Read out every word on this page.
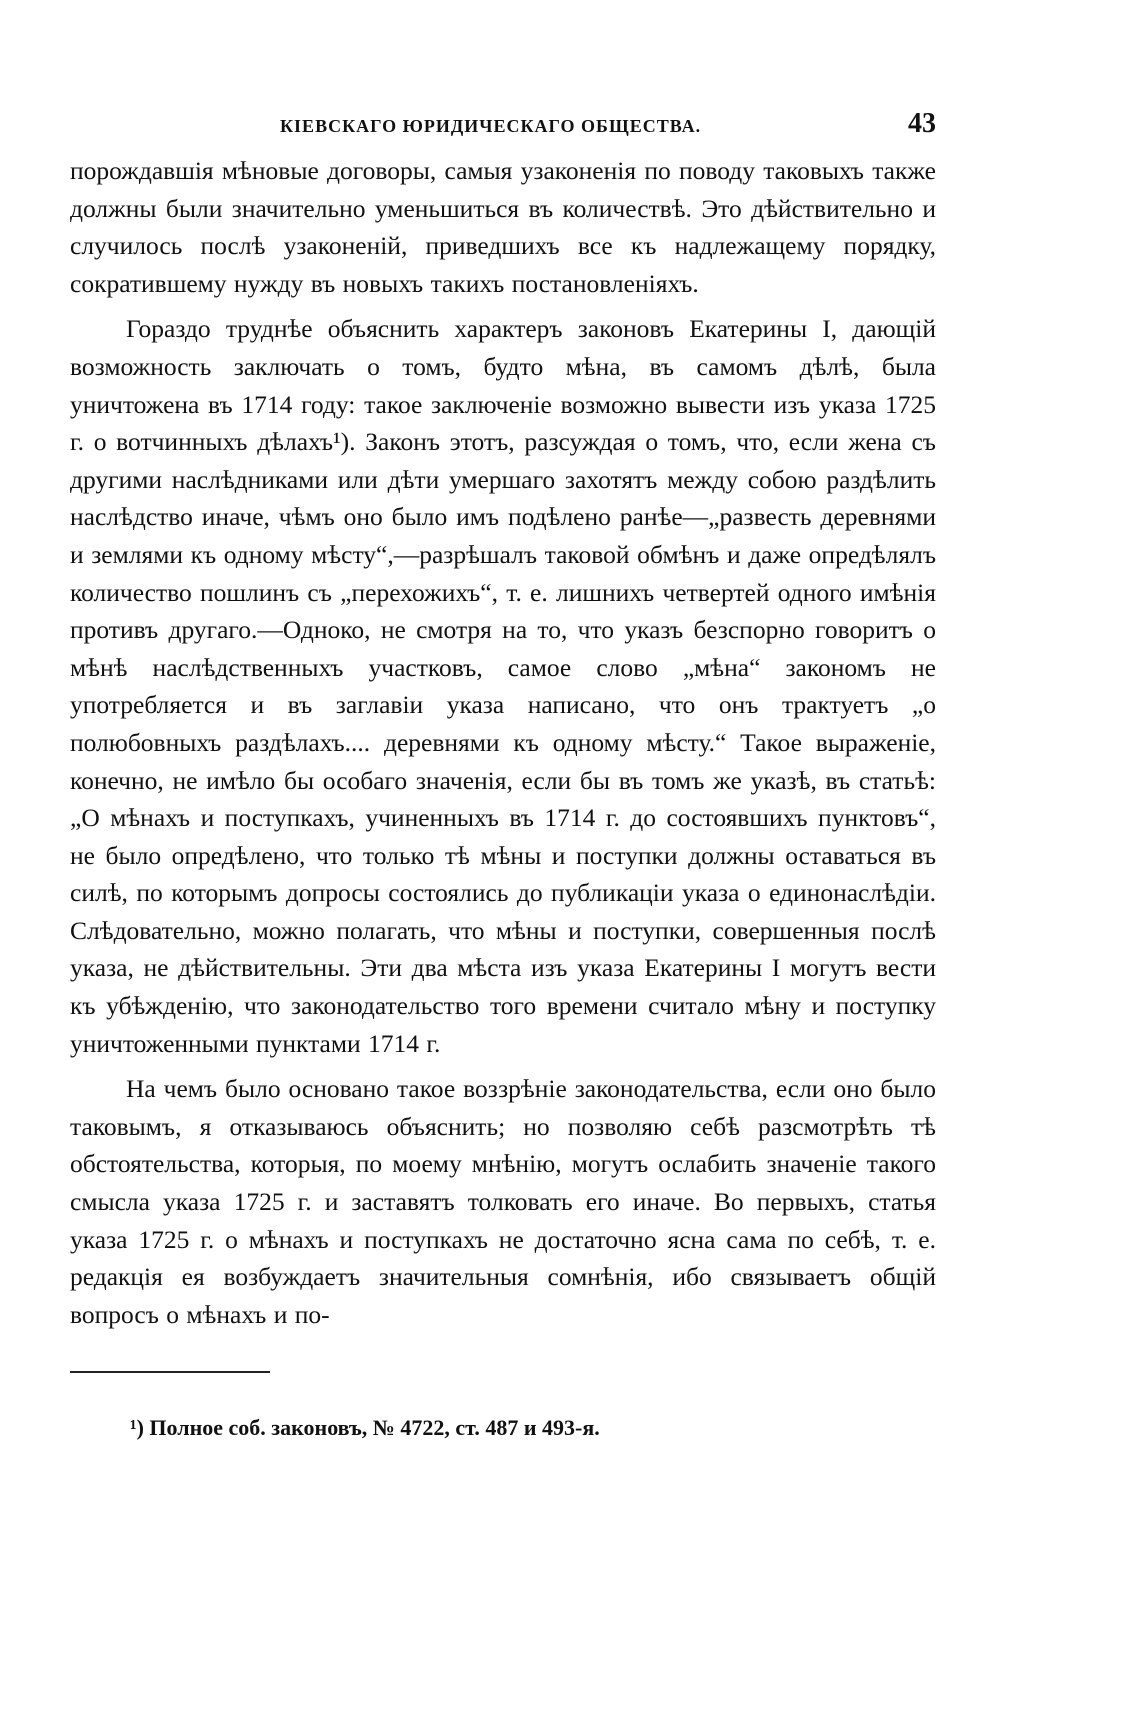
КІЕВСКАГО ЮРИДИЧЕСКАГО ОБЩЕСТВА.	43

порождавшія мѣновые договоры, самыя узаконенія по поводу таковыхъ также должны были значительно уменьшиться въ количествѣ. Это дѣйствительно и случилось послѣ узаконеній, приведшихъ все къ надлежащему порядку, сократившему нужду въ новыхъ такихъ постановленіяхъ.

Гораздо труднѣе объяснить характеръ законовъ Екатерины I, дающій возможность заключать о томъ, будто мѣна, въ самомъ дѣлѣ, была уничтожена въ 1714 году: такое заключеніе возможно вывести изъ указа 1725 г. о вотчинныхъ дѣлахъ¹). Законъ этотъ, разсуждая о томъ, что, если жена съ другими наслѣдниками или дѣти умершаго захотятъ между собою раздѣлить наслѣдство иначе, чѣмъ оно было имъ подѣлено ранѣе—„развесть деревнями и землями къ одному мѣсту“,—разрѣшалъ таковой обмѣнъ и даже опредѣлялъ количество пошлинъ съ „перехожихъ“, т. е. лишнихъ четвертей одного имѣнія противъ другаго.—Одноко, не смотря на то, что указъ безспорно говоритъ о мѣнѣ наслѣдственныхъ участковъ, самое слово „мѣна“ закономъ не употребляется и въ заглавіи указа написано, что онъ трактуетъ „о полюбовныхъ раздѣлахъ.... деревнями къ одному мѣсту.“ Такое выраженіе, конечно, не имѣло бы особаго значенія, если бы въ томъ же указѣ, въ статьѣ: „О мѣнахъ и поступкахъ, учиненныхъ въ 1714 г. до состоявшихъ пунктовъ“, не было опредѣлено, что только тѣ мѣны и поступки должны оставаться въ силѣ, по которымъ допросы состоялись до публикаціи указа о единонаслѣдіи. Слѣдовательно, можно полагать, что мѣны и поступки, совершенныя послѣ указа, не дѣйствительны. Эти два мѣста изъ указа Екатерины I могутъ вести къ убѣжденію, что законодательство того времени считало мѣну и поступку уничтоженными пунктами 1714 г.

На чемъ было основано такое воззрѣніе законодательства, если оно было таковымъ, я отказываюсь объяснить; но позволяю себѣ разсмотрѣть тѣ обстоятельства, которыя, по моему мнѣнію, могутъ ослабить значеніе такого смысла указа 1725 г. и заставятъ толковать его иначе. Во первыхъ, статья указа 1725 г. о мѣнахъ и поступкахъ не достаточно ясна сама по себѣ, т. е. редакція ея возбуждаетъ значительныя сомнѣнія, ибо связываетъ общій вопросъ о мѣнахъ и по-

¹) Полное соб. законовъ, № 4722, ст. 487 и 493-я.
